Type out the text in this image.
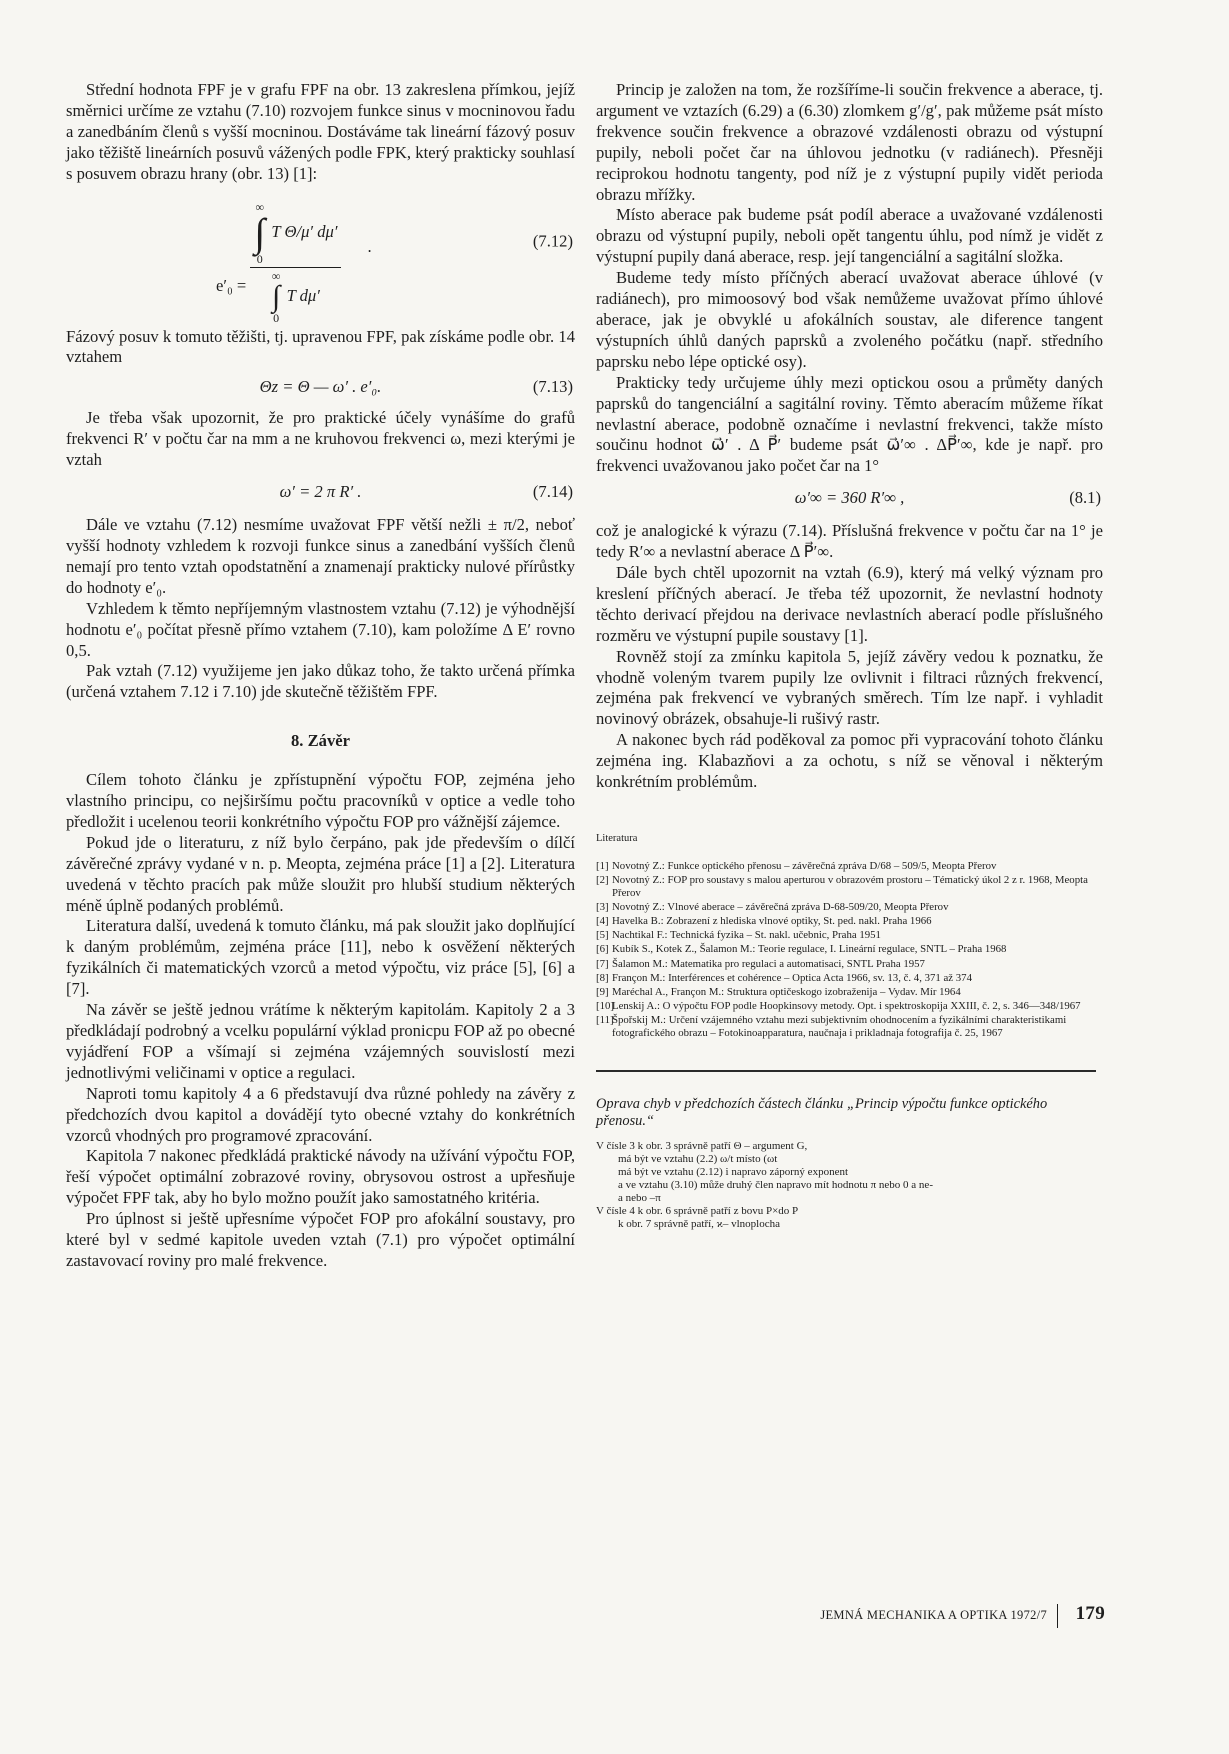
Střední hodnota FPF je v grafu FPF na obr. 13 zakreslena přímkou, jejíž směrnici určíme ze vztahu (7.10) rozvojem funkce sinus v mocninovou řadu a zanedbáním členů s vyšší mocninou. Dostáváme tak lineární fázový posuv jako těžiště lineárních posuvů vážených podle FPK, který prakticky souhlasí s posuvem obrazu hrany (obr. 13) [1]:

e′₀ =
∞
∫
0
T Θ/μ′ dμ′
∞
∫
0
T dμ′
.	(7.12)

Fázový posuv k tomuto těžišti, tj. upravenou FPF, pak získáme podle obr. 14 vztahem

Θz = Θ — ω′ . e′₀.	(7.13)

Je třeba však upozornit, že pro praktické účely vynášíme do grafů frekvenci R′ v počtu čar na mm a ne kruhovou frekvenci ω, mezi kterými je vztah

ω′ = 2 π R′ .	(7.14)

Dále ve vztahu (7.12) nesmíme uvažovat FPF větší nežli ± π/2, neboť vyšší hodnoty vzhledem k rozvoji funkce sinus a zanedbání vyšších členů nemají pro tento vztah opodstatnění a znamenají prakticky nulové přírůstky do hodnoty e′₀.

Vzhledem k těmto nepříjemným vlastnostem vztahu (7.12) je výhodnější hodnotu e′₀ počítat přesně přímo vztahem (7.10), kam položíme Δ E′ rovno 0,5.

Pak vztah (7.12) využijeme jen jako důkaz toho, že takto určená přímka (určená vztahem 7.12 i 7.10) jde skutečně těžištěm FPF.

8. Závěr

Cílem tohoto článku je zpřístupnění výpočtu FOP, zejména jeho vlastního principu, co nejširšímu počtu pracovníků v optice a vedle toho předložit i ucelenou teorii konkrétního výpočtu FOP pro vážnější zájemce.

Pokud jde o literaturu, z níž bylo čerpáno, pak jde především o dílčí závěrečné zprávy vydané v n. p. Meopta, zejména práce [1] a [2]. Literatura uvedená v těchto pracích pak může sloužit pro hlubší studium některých méně úplně podaných problémů.

Literatura další, uvedená k tomuto článku, má pak sloužit jako doplňující k daným problémům, zejména práce [11], nebo k osvěžení některých fyzikálních či matematických vzorců a metod výpočtu, viz práce [5], [6] a [7].

Na závěr se ještě jednou vrátíme k některým kapitolám. Kapitoly 2 a 3 předkládají podrobný a vcelku populární výklad pronicpu FOP až po obecné vyjádření FOP a všímají si zejména vzájemných souvislostí mezi jednotlivými veličinami v optice a regulaci.

Naproti tomu kapitoly 4 a 6 představují dva různé pohledy na závěry z předchozích dvou kapitol a dovádějí tyto obecné vztahy do konkrétních vzorců vhodných pro programové zpracování.

Kapitola 7 nakonec předkládá praktické návody na užívání výpočtu FOP, řeší výpočet optimální zobrazové roviny, obrysovou ostrost a upřesňuje výpočet FPF tak, aby ho bylo možno použít jako samostatného kritéria.

Pro úplnost si ještě upřesníme výpočet FOP pro afokální soustavy, pro které byl v sedmé kapitole uveden vztah (7.1) pro výpočet optimální zastavovací roviny pro malé frekvence.

Princip je založen na tom, že rozšíříme-li součin frekvence a aberace, tj. argument ve vztazích (6.29) a (6.30) zlomkem g′/g′, pak můžeme psát místo frekvence součin frekvence a obrazové vzdálenosti obrazu od výstupní pupily, neboli počet čar na úhlovou jednotku (v radiánech). Přesněji reciprokou hodnotu tangenty, pod níž je z výstupní pupily vidět perioda obrazu mřížky.

Místo aberace pak budeme psát podíl aberace a uvažované vzdálenosti obrazu od výstupní pupily, neboli opět tangentu úhlu, pod nímž je vidět z výstupní pupily daná aberace, resp. její tangenciální a sagitální složka.

Budeme tedy místo příčných aberací uvažovat aberace úhlové (v radiánech), pro mimoosový bod však nemůžeme uvažovat přímo úhlové aberace, jak je obvyklé u afokálních soustav, ale diference tangent výstupních úhlů daných paprsků a zvoleného počátku (např. středního paprsku nebo lépe optické osy).

Prakticky tedy určujeme úhly mezi optickou osou a průměty daných paprsků do tangenciální a sagitální roviny. Těmto aberacím můžeme říkat nevlastní aberace, podobně označíme i nevlastní frekvenci, takže místo součinu hodnot ω⃗′ . Δ P⃗′ budeme psát ω⃗′∞ . ΔP⃗′∞, kde je např. pro frekvenci uvažovanou jako počet čar na 1°

ω′∞ = 360 R′∞ ,	(8.1)

což je analogické k výrazu (7.14). Příslušná frekvence v počtu čar na 1° je tedy R′∞ a nevlastní aberace Δ P⃗′∞.

Dále bych chtěl upozornit na vztah (6.9), který má velký význam pro kreslení příčných aberací. Je třeba též upozornit, že nevlastní hodnoty těchto derivací přejdou na derivace nevlastních aberací podle příslušného rozměru ve výstupní pupile soustavy [1].

Rovněž stojí za zmínku kapitola 5, jejíž závěry vedou k poznatku, že vhodně voleným tvarem pupily lze ovlivnit i filtraci různých frekvencí, zejména pak frekvencí ve vybraných směrech. Tím lze např. i vyhladit novinový obrázek, obsahuje-li rušivý rastr.

A nakonec bych rád poděkoval za pomoc při vypracování tohoto článku zejména ing. Klabazňovi a za ochotu, s níž se věnoval i některým konkrétním problémům.

Literatura
[1] Novotný Z.: Funkce optického přenosu – závěrečná zpráva D/68 – 509/5, Meopta Přerov
[2] Novotný Z.: FOP pro soustavy s malou aperturou v obrazovém prostoru – Tématický úkol 2 z r. 1968, Meopta Přerov
[3] Novotný Z.: Vlnové aberace – závěrečná zpráva D-68-509/20, Meopta Přerov
[4] Havelka B.: Zobrazení z hlediska vlnové optiky, St. ped. nakl. Praha 1966
[5] Nachtikal F.: Technická fyzika – St. nakl. učebnic, Praha 1951
[6] Kubík S., Kotek Z., Šalamon M.: Teorie regulace, I. Lineární regulace, SNTL – Praha 1968
[7] Šalamon M.: Matematika pro regulaci a automatisaci, SNTL Praha 1957
[8] Françon M.: Interférences et cohérence – Optica Acta 1966, sv. 13, č. 4, 371 až 374
[9] Maréchal A., Françon M.: Struktura optičeskogo izobraženija – Vydav. Mír 1964
[10]
Lenskij A.: O výpočtu FOP podle Hoopkinsovy metody. Opt. i spektroskopija XXIII, č. 2, s. 346—348/1967
[11]
Špořskij M.: Určení vzájemného vztahu mezi subjektivním ohodnocením a fyzikálními charakteristikami fotografického obrazu – Fotokinoapparatura, naučnaja i prikladnaja fotografija č. 25, 1967
Oprava chyb v předchozích částech článku „Princip výpočtu funkce optického přenosu.“
V čísle 3 k obr. 3 správně patří Θ – argument G,
má být ve vztahu (2.2) ω/t místo (ωt
má být ve vztahu (2.12) i napravo záporný exponent
a ve vztahu (3.10) může druhý člen napravo mít hodnotu π nebo 0 a ne-
a nebo –π
V čísle 4 k obr. 6 správně patří z bovu P×do P
k obr. 7 správně patří, ϰ– vlnoplocha
JEMNÁ MECHANIKA A OPTIKA 1972/7 179
